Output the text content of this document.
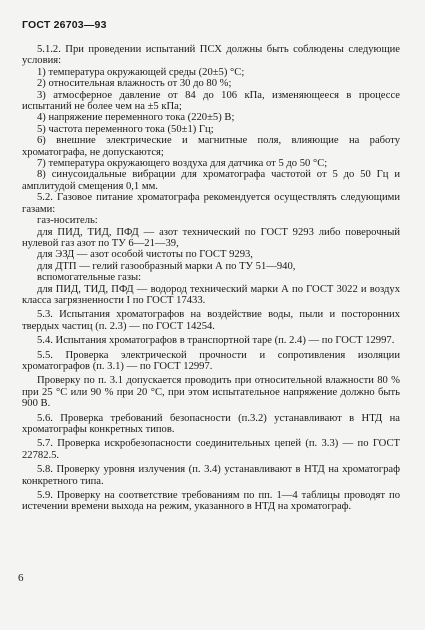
ГОСТ 26703—93

5.1.2. При проведении испытаний ПСХ должны быть соблюдены следующие условия:

1) температура окружающей среды (20±5) °С;

2) относительная влажность от 30 до 80 %;

3) атмосферное давление от 84 до 106 кПа, изменяющееся в процессе испытаний не более чем на ±5 кПа;

4) напряжение переменного тока (220±5) В;

5) частота переменного тока (50±1) Гц;

6) внешние электрические и магнитные поля, влияющие на работу хроматографа, не допускаются;

7) температура окружающего воздуха для датчика от 5 до 50 °С;

8) синусоидальные вибрации для хроматографа частотой от 5 до 50 Гц и амплитудой смещения 0,1 мм.

5.2. Газовое питание хроматографа рекомендуется осуществлять следующими газами:

газ-носитель:

для ПИД, ТИД, ПФД — азот технический по ГОСТ 9293 либо поверочный нулевой газ азот по ТУ 6—21—39,

для ЭЗД — азот особой чистоты по ГОСТ 9293,

для ДТП — гелий газообразный марки А по ТУ 51—940,

вспомогательные газы:

для ПИД, ТИД, ПФД — водород технический марки А по ГОСТ 3022 и воздух класса загрязненности I по ГОСТ 17433.

5.3. Испытания хроматографов на воздействие воды, пыли и посторонних твердых частиц (п. 2.3) — по ГОСТ 14254.

5.4. Испытания хроматографов в транспортной таре (п. 2.4) — по ГОСТ 12997.

5.5. Проверка электрической прочности и сопротивления изоляции хроматографов (п. 3.1) — по ГОСТ 12997.

Проверку по п. 3.1 допускается проводить при относительной влажности 80 % при 25 °С или 90 % при 20 °С, при этом испытательное напряжение должно быть 900 В.

5.6. Проверка требований безопасности (п.3.2) устанавливают в НТД на хроматографы конкретных типов.

5.7. Проверка искробезопасности соединительных цепей (п. 3.3) — по ГОСТ 22782.5.

5.8. Проверку уровня излучения (п. 3.4) устанавливают в НТД на хроматограф конкретного типа.

5.9. Проверку на соответствие требованиям по пп. 1—4 таблицы проводят по истечении времени выхода на режим, указанного в НТД на хроматограф.

6
